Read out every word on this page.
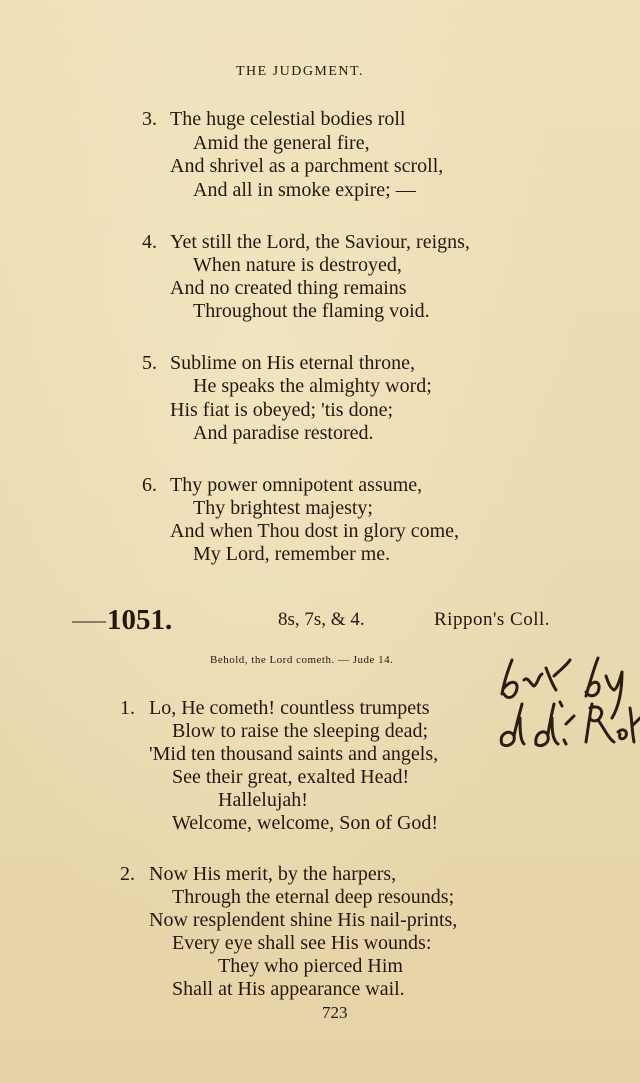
THE JUDGMENT.
3. The huge celestial bodies roll
Amid the general fire,
And shrivel as a parchment scroll,
And all in smoke expire; —
4. Yet still the Lord, the Saviour, reigns,
When nature is destroyed,
And no created thing remains
Throughout the flaming void.
5. Sublime on His eternal throne,
He speaks the almighty word;
His fiat is obeyed; 'tis done;
And paradise restored.
6. Thy power omnipotent assume,
Thy brightest majesty;
And when Thou dost in glory come,
My Lord, remember me.
1051.	8s, 7s, & 4.	Rippon's Coll.
Behold, the Lord cometh. — Jude 14.
1. Lo, He cometh! countless trumpets
Blow to raise the sleeping dead;
'Mid ten thousand saints and angels,
See their great, exalted Head!
Hallelujah!
Welcome, welcome, Son of God!
2. Now His merit, by the harpers,
Through the eternal deep resounds;
Now resplendent shine His nail-prints,
Every eye shall see His wounds:
They who pierced Him
Shall at His appearance wail.
723
